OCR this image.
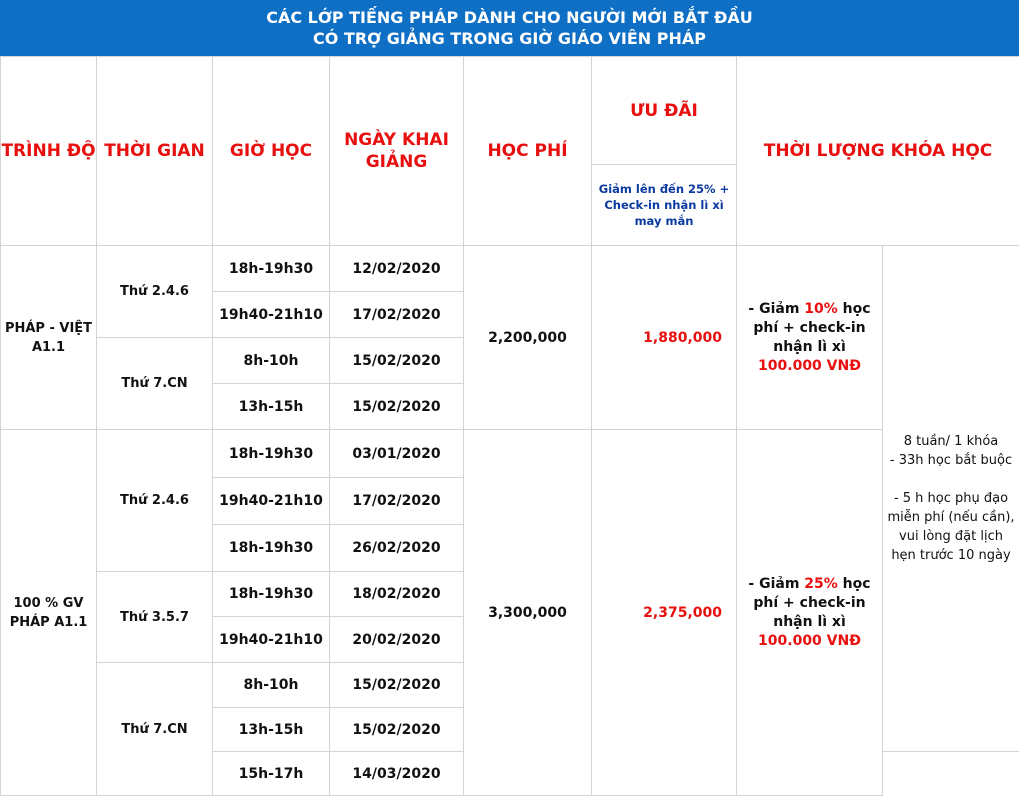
CÁC LỚP TIẾNG PHÁP DÀNH CHO NGƯỜI MỚI BẮT ĐẦU
CÓ TRỢ GIẢNG TRONG GIỜ GIÁO VIÊN PHÁP
TRÌNH ĐỘ	THỜI GIAN	GIỜ HỌC	NGÀY KHAI GIẢNG	HỌC PHÍ	ƯU ĐÃI	THỜI LƯỢNG KHÓA HỌC	
					Giảm lên đến 25% + Check-in nhận lì xì may mắn		
PHÁP - VIỆT A1.1	Thứ 2.4.6	18h-19h30	12/02/2020	2,200,000	1,880,000	- Giảm 10% học phí + check-in nhận lì xì 100.000 VNĐ	8 tuần/ 1 khóa
- 33h học bắt buộc
- 5 h học phụ đạo miễn phí (nếu cần), vui lòng đặt lịch hẹn trước 10 ngày

		19h40-21h10	17/02/2020				
	Thứ 7.CN	8h-10h	15/02/2020				
		13h-15h	15/02/2020				
100 % GV PHÁP A1.1	Thứ 2.4.6	18h-19h30	03/01/2020	3,300,000	2,375,000	- Giảm 25% học phí + check-in nhận lì xì 100.000 VNĐ	
		19h40-21h10	17/02/2020				
		18h-19h30	26/02/2020				
	Thứ 3.5.7	18h-19h30	18/02/2020				
		19h40-21h10	20/02/2020				
	Thứ 7.CN	8h-10h	15/02/2020				
		13h-15h	15/02/2020				
		15h-17h	14/03/2020				
